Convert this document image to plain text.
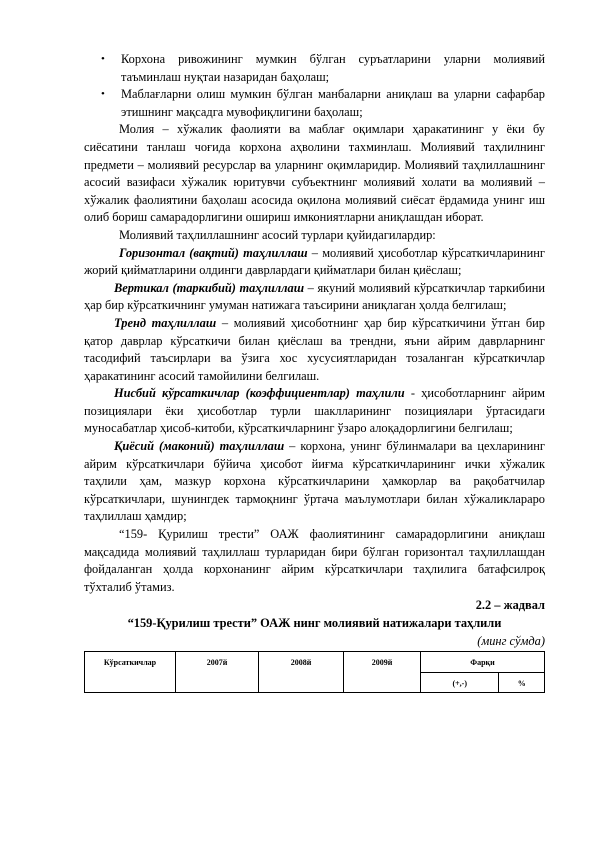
• Корхона ривожининг мумкин бўлган суръатларини уларни молиявий таъминлаш нуқтаи назаридан баҳолаш;
• Маблағларни олиш мумкин бўлган манбаларни аниқлаш ва уларни сафарбар этишнинг мақсадга мувофиқлигини баҳолаш;

Молия – хўжалик фаолияти ва маблағ оқимлари ҳаракатининг у ёки бу сиёсатини танлаш чоғида корхона аҳволини тахминлаш. Молиявий таҳлилнинг предмети – молиявий ресурслар ва уларнинг оқимларидир. Молиявий таҳлиллашнинг асосий вазифаси хўжалик юритувчи субъектнинг молиявий холати ва молиявий – хўжалик фаолиятини баҳолаш асосида оқилона молиявий сиёсат ёрдамида унинг иш олиб бориш самарадорлигини ошириш имкониятларни аниқлашдан иборат.

Молиявий таҳлиллашнинг асосий турлари қуйидагилардир:

Горизонтал (вақтий) таҳлиллаш – молиявий ҳисоботлар кўрсаткичларининг жорий қийматларини олдинги даврлардаги қийматлари билан қиёслаш;

Вертикал (таркибий) таҳлиллаш – якуний молиявий кўрсаткичлар таркибини ҳар бир кўрсаткичнинг умуман натижага таъсирини аниқлаган ҳолда белгилаш;

Тренд таҳлиллаш – молиявий ҳисоботнинг ҳар бир кўрсаткичини ўтган бир қатор даврлар кўрсаткичи билан қиёслаш ва трендни, яъни айрим даврларнинг тасодифий таъсирлари ва ўзига хос хусусиятларидан тозаланган кўрсаткичлар ҳаракатининг асосий тамойилини белгилаш.

Нисбий кўрсаткичлар (коэффициентлар) таҳлили - ҳисоботларнинг айрим позициялари ёки ҳисоботлар турли шаклларининг позициялари ўртасидаги муносабатлар ҳисоб-китоби, кўрсаткичларнинг ўзаро алоқадорлигини белгилаш;

Қиёсий (маконий) таҳлиллаш – корхона, унинг бўлинмалари ва цехларининг айрим кўрсаткичлари бўйича ҳисобот йиғма кўрсаткичларининг ички хўжалик таҳлили ҳам, мазкур корхона кўрсаткичларини ҳамкорлар ва рақобатчилар кўрсаткичлари, шунингдек тармоқнинг ўртача маълумотлари билан хўжаликлараро таҳлиллаш ҳамдир;

“159- Қурилиш трести” ОАЖ фаолиятининг самарадорлигини аниқлаш мақсадида молиявий таҳлиллаш турларидан бири бўлган горизонтал таҳлиллашдан фойдаланган ҳолда корхонанинг айрим кўрсаткичлари таҳлилига батафсилроқ тўхталиб ўтамиз.

2.2 – жадвал
“159-Қурилиш трести” ОАЖ нинг молиявий натижалари таҳлили
(минг сўмда)
Кўрсаткичлар	2007й	2008й	2009й	Фарқи	
				(+,-)	%
